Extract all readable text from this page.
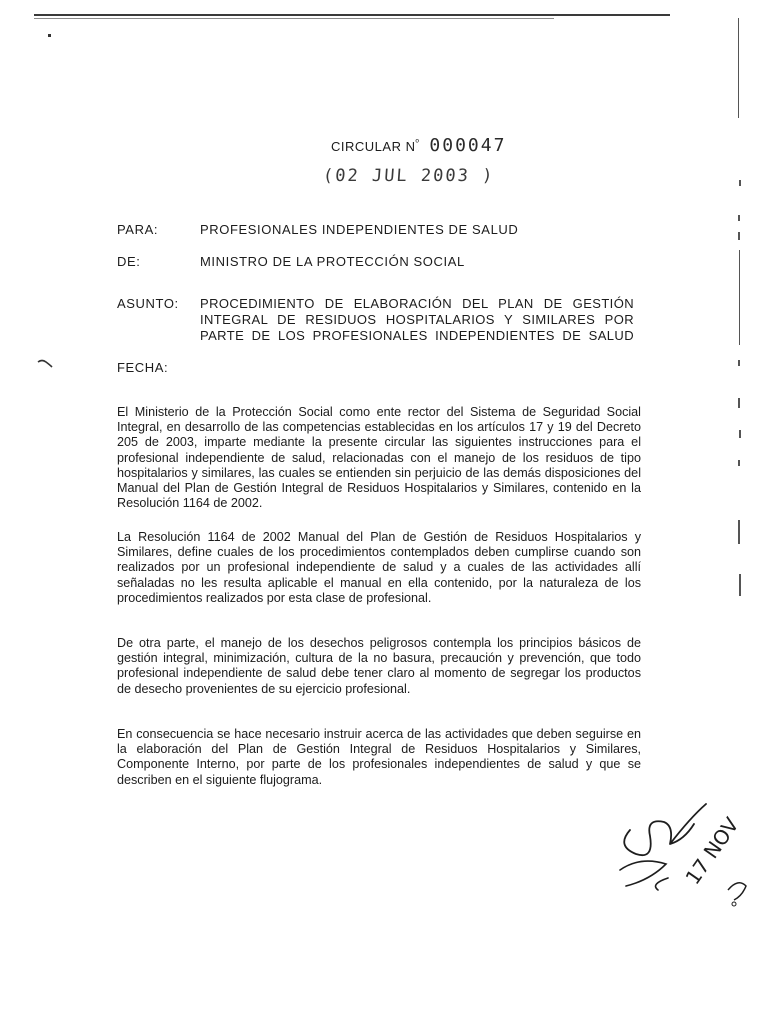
CIRCULAR $N^º$ 000047
(02 JUL 2003 )
PARA:	PROFESIONALES INDEPENDIENTES DE SALUD
DE:	MINISTRO DE LA PROTECCIÓN SOCIAL
ASUNTO: PROCEDIMIENTO DE ELABORACIÓN DEL PLAN DE GESTIÓN
INTEGRAL DE RESIDUOS HOSPITALARIOS Y SIMILARES POR
PARTE DE LOS PROFESIONALES INDEPENDIENTES DE SALUD
FECHA:
El Ministerio de la Protección Social como ente rector del Sistema de Seguridad Social Integral, en desarrollo de las competencias establecidas en los artículos 17 y 19 del Decreto 205 de 2003, imparte mediante la presente circular las siguientes instrucciones para el profesional independiente de salud, relacionadas con el manejo de los residuos de tipo hospitalarios y similares, las cuales se entienden sin perjuicio de las demás disposiciones del Manual del Plan de Gestión Integral de Residuos Hospitalarios y Similares, contenido en la Resolución 1164 de 2002.
La Resolución 1164 de 2002 Manual del Plan de Gestión de Residuos Hospitalarios y Similares, define cuales de los procedimientos contemplados deben cumplirse cuando son realizados por un profesional independiente de salud y a cuales de las actividades allí señaladas no les resulta aplicable el manual en ella contenido, por la naturaleza de los procedimientos realizados por esta clase de profesional.
De otra parte, el manejo de los desechos peligrosos contempla los principios básicos de gestión integral, minimización, cultura de la no basura, precaución y prevención, que todo profesional independiente de salud debe tener claro al momento de segregar los productos de desecho provenientes de su ejercicio profesional.
En consecuencia se hace necesario instruir acerca de las actividades que deben seguirse en la elaboración del Plan de Gestión Integral de Residuos Hospitalarios y Similares, Componente Interno, por parte de los profesionales independientes de salud y que se describen en el siguiente flujograma.
17 NOV
